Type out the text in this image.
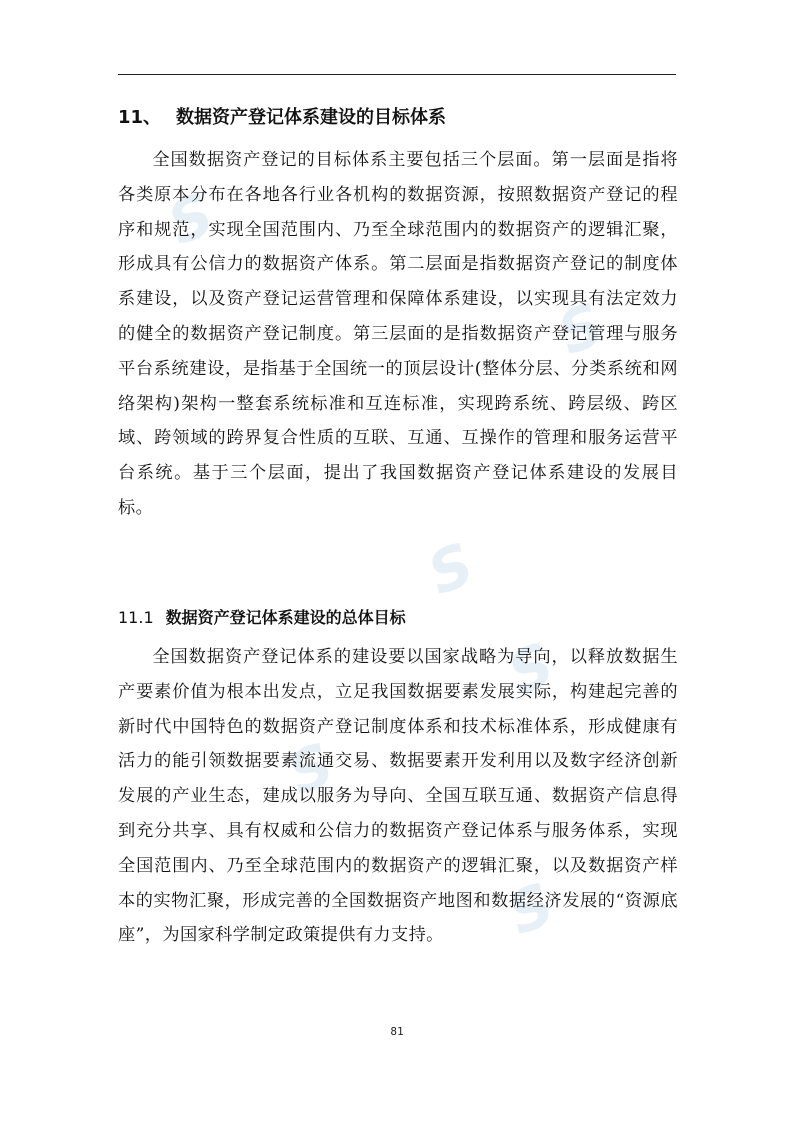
S
S
S
S
S
S
11、 数据资产登记体系建设的目标体系
全国数据资产登记的目标体系主要包括三个层面。第一层面是指将各类原本分布在各地各行业各机构的数据资源，按照数据资产登记的程序和规范，实现全国范围内、乃至全球范围内的数据资产的逻辑汇聚，形成具有公信力的数据资产体系。第二层面是指数据资产登记的制度体系建设，以及资产登记运营管理和保障体系建设，以实现具有法定效力的健全的数据资产登记制度。第三层面的是指数据资产登记管理与服务平台系统建设，是指基于全国统一的顶层设计(整体分层、分类系统和网络架构)架构一整套系统标准和互连标准，实现跨系统、跨层级、跨区域、跨领域的跨界复合性质的互联、互通、互操作的管理和服务运营平台系统。基于三个层面，提出了我国数据资产登记体系建设的发展目标。
11.1 数据资产登记体系建设的总体目标
全国数据资产登记体系的建设要以国家战略为导向，以释放数据生产要素价值为根本出发点，立足我国数据要素发展实际，构建起完善的新时代中国特色的数据资产登记制度体系和技术标准体系，形成健康有活力的能引领数据要素流通交易、数据要素开发利用以及数字经济创新发展的产业生态，建成以服务为导向、全国互联互通、数据资产信息得到充分共享、具有权威和公信力的数据资产登记体系与服务体系，实现全国范围内、乃至全球范围内的数据资产的逻辑汇聚，以及数据资产样本的实物汇聚，形成完善的全国数据资产地图和数据经济发展的“资源底座”，为国家科学制定政策提供有力支持。
81
